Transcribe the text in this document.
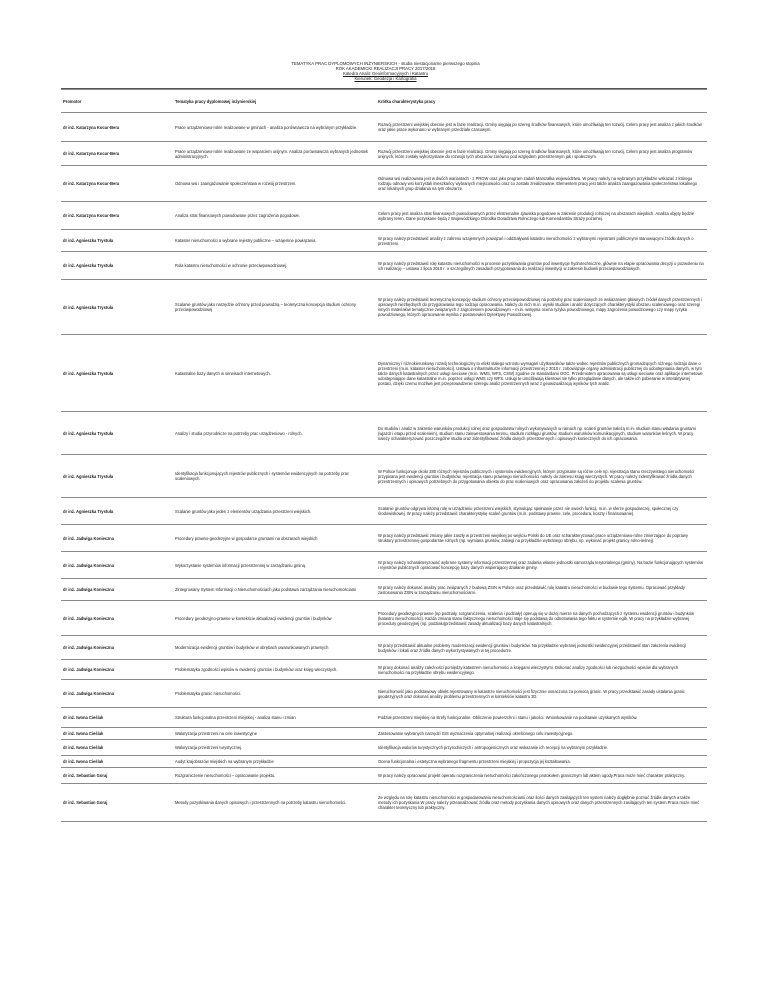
TEMATYKA PRAC DYPLOMOWYCH INŻYNIERSKICH - studia niestacjonarne pierwszego stopnia
ROK AKADEMICKI REALIZACJI PRACY 2017/2018
Katedra Analiz Geoinformacyjnych i Katastru
Kierunek: Geodezja i Kartografia
Promotor	Tematyka pracy dyplomowej inżynierskiej	Krótka charakterystyka pracy
dr inż. Katarzyna Kocur-Bera	Prace urządzeniowo-rolne realizowane w gminach - analiza porównawcza na wybranym przykładzie.	Rozwój przestrzeni wiejskiej obecnie jest w fazie realizacji. Gminy sięgają po szereg środków finansowych, które umożliwiają ten rozwój. Celem pracy jest analiza z jakich środków oraz jakie prace wykonano w wybranym przedziale czasowym.
dr inż. Katarzyna Kocur-Bera	Prace urządzeniowo-rolne realizowane ze wsparciem unijnym. Analiza porównawcza wybranych jednostek administracyjnych.	Rozwój przestrzeni wiejskiej obecnie jest w fazie realizacji. Gminy sięgają po szereg środków finansowych, które umożliwiają ten rozwój. Celem pracy jest analiza programów unijnych, które zostały wykorzystane do rozwoju tych obszarów zarówno pod względem przestrzennym jak i społecznym.
dr inż. Katarzyna Kocur-Bera	Odnowa wsi i zaangażowanie społeczeństwa w rozwój przestrzeni.	Odnowa wsi realizowana jest w dwóch wariantach - z PROW oraz jako program zadań Marszałka województwa. W pracy należy na wybranym przykładzie wskazać z którego rodzaju odnowy wsi korzystali mieszkańcy wybranych miejscowości oraz co zostało zrealizowane. Elementem pracy jest także analiza zaangażowania społeczeństwa lokalnego oraz lokalnych grup działania na tym obszarze.
dr inż. Katarzyna Kocur-Bera	Analiza strat finansowych powodowane przez zagrożenia pogodowe.	Celem pracy jest analiza strat finansowych powodowanych przez ekstremalne zjawiska pogodowe w zakresie produkcji rolniczej na obszarach wiejskich. Analiza objęty będzie wybrany teren. Dane pozyskane będą z Wojewódzkiego Ośrodka Doradztwa Rolniczego lub Komendantów Straży pożarnej.
dr inż. Agnieszka Trystuła	Kataster nieruchomości a wybrane rejestry publiczne – wzajemne powiązania.	W pracy należy przedstawić analizy z zakresu wzajemnych powiązań i oddziaływań katastru nieruchomości z wybranymi rejestrami publicznymi stanowiącymi źródło danych o przestrzeni.
dr inż. Agnieszka Trystuła	Rola katastru nieruchomości w ochronie przeciwpowodziowej.	W pracy należy przedstawić rolę katastru nieruchomości w procesie pozyskiwania gruntów pod inwestycje hydrotechniczne, głównie na etapie opracowania decyzji o pozwoleniu na ich realizację – ustawa z lipca 2010 r. o szczególnych zasadach przygotowania do realizacji inwestycji w zakresie budowli przeciwpowodziowych.
dr inż. Agnieszka Trystuła	Scalanie gruntów jako narzędzie ochrony przed powodzią – teoretyczna koncepcja studium ochrony przeciwpowodziowej	W pracy należy przedstawić teoretyczną koncepcję studium ochrony przeciwpowodziowej na potrzeby prac scaleniowych ze wskazaniem głównych źródeł danych przestrzennych i opisowych niezbędnych do przygotowania tego rodzaju opracowania. Należy do nich m.in. wyniki studiów i analiz dotyczących charakterystyki obszaru scaleniowego oraz szeregi innych materiałów tematycznie związanych z zagrożeniem powodziowym – m.in. wstępna ocena ryzyka powodziowego, mapy zagrożenia powodziowego czy mapy ryzyka powodziowego, których opracowanie wynika z postanowień Dyrektywy Powodziowej.
dr inż. Agnieszka Trystuła	Katastralne bazy danych w serwisach internetowych.	Dynamiczny i różnokierunkowy rozwój technologiczny to efekt stałego wzrostu wymagań użytkowników także wobec rejestrów publicznych gromadzących różnego rodzaju dane o przestrzeni (m.in. kataster nieruchomości). Ustawa o infrastrukturze informacji przestrzennej z 2010 r. zobowiązuje organy administracji publicznej do udostępniania danych, w tym także danych katastralnych przez usługi sieciowe (m.in. WMS, WFS, CSW) zgodnie ze standardami OGC. Przedmiotem opracowania są usługi sieciowe oraz aplikacje internetowe udostępniające dane katastralne m.in. poprzez usługi WMS czy WFS. Usługi te umożliwiają klientowi nie tylko przeglądanie danych, ale także ich pobieranie w interaktywnej postaci, dzięki czemu możliwe jest przeprowadzenie szeregu analiz przestrzennych wraz z geowizualizacją wyników tych analiz.
dr inż. Agnieszka Trystuła	Analizy i studia przyrodnicze na potrzeby prac urządzeniowo - rolnych.	Do studiów i analiz w zakresie warunków produkcji rolnej oraz gospodarstw rolnych wykonywanych w ramach np. scaleń gruntów należą m.in. studium stanu władania gruntami (wjazdr i etapu przed scaleniem), studium stanu zainwestowania terenu, studium rozkłągu gruntów, studium warunków komunikacyjnych, studium warunków leśnych. W pracy należy scharakteryzować poszczególne studia oraz zidentyfikować źródła danych przestrzennych i opisowych koniecznych do ich opracowania.
dr inż. Agnieszka Trystuła	Identyfikacja funkcjonujących rejestrów publicznych i systemów ewidencyjnych na potrzeby prac scaleniowych.	W Polsce funkcjonuje około 280 różnych rejestrów publicznych i systemów ewidencyjnych, którym przypisane są różne cele np. rejestracja stanu rzeczywistego nieruchomości przypisana jest ewidencji gruntów i budynków, rejestracja stanu prawnego nieruchomości należy do zakresu ksiąg wieczystych. W pracy należy zidentyfikować źródła danych przestrzennych i opisowych potrzebnych do przygotowania obiektu do prac scaleniowych oraz opracowania założeń do projektu scalenia gruntów.
dr inż. Agnieszka Trystuła	Scalanie gruntów jako jeden z elementów urządzania przestrzeni wiejskich.	Scalanie gruntów odgrywa istotną rolę w urządzaniu przestrzeni wiejskich, stymulując spełnianie przez nie swoich funkcji, m.in. w sferze gospodarczej, społecznej czy środowiskowej. W pracy należy przedstawić charakterystykę scaleń gruntów (m.in. podstawy prawne, cele, procedura, koszty i finansowanie).
dr inż. Jadwiga Konieczna	Procedury prawno-geodezyjne w gospodarce gruntami na obszarach wiejskich	W pracy należy przedstawić zmiany jakie zaszły w przestrzeni wiejskiej po wejściu Polski do UE oraz scharakteryzować prace urządzeniowo-rolne zmierzające do poprawy struktury przestrzennej gospodarstw rolnych (np. wymiana gruntów, zabiegi na przykładzie wybranego obrębu, np. wykonać projekt granicy rolno-leśnej).
dr inż. Jadwiga Konieczna	Wykorzystanie systemów informacji przestrzennej w zarządzaniu gminą.	W pracy należy scharakteryzować wybrane systemy informacji przestrzennej oraz zadania własne jednostki samorządu terytorialnego (gminy). Na bazie funkcjonujących systemów i rejestrów publicznych opracować koncepcję bazy danych wspierającej działanie gminy.
dr inż. Jadwiga Konieczna	Zintegrowany System Informacji o Nieruchomościach jako podstawa zarządzania nieruchomościami	W pracy należy dokonać analizy prac związanych z budową ZSIN w Polsce oraz przedstawić rolę katastru nieruchomości w budowie tego systemu. Opracować przykłady zastosowania ZSIN w zarządzaniu nieruchomościami.
dr inż. Jadwiga Konieczna	Procedury geodezyjno-prawne w kontekście aktualizacji ewidencji gruntów i budynków	Procedury geodezyjno-prawne (np podziały, rozgraniczenia, scalenia i podziały) operują się w dużej mierze na danych pochodzących z systemu ewidencji gruntów i budynków (katastru nieruchomości). Każda zmiana stanu faktycznego nieruchomości staje się podstawą do odnotowania tego faktu w systemie egib. W pracy na przykładzie wybranej procedury geodezyjnej (np. podziału)przedstawić zasady aktualizacji bazy danych katastralnych.
dr inż. Jadwiga Konieczna	Modernizacja ewidencji gruntów i budynków w obrębach uwarunkowanych prawnych	W pracy przedstawić aktualne problemy modernizacji ewidencji gruntów i budynków. Na przykładzie wybranej jednostki ewidencyjnej przedstawić stan założenia ewidencji budynków i lokali oraz źródła danych wykorzystywanych w tej procedurze.
dr inż. Jadwiga Konieczna	Problematyka zgodności wpisów w ewidencji gruntów i budynków oraz księg wieczystych.	W pracy dokonać analizy zależności pomiędzy katastrem nieruchomości a księgami wieczystymi. Dokonać analizy zgodności lub niezgodności wpisów dla wybranych nieruchomości na przykładzie obrębu ewidencyjnego.
dr inż. Jadwiga Konieczna	Problematyka granic nieruchomości.	Nieruchomość jako podstawowy obiekt rejestrowany w katastrze nieruchomości jest fizycznie osnaczona za pomocą granic. W pracy przedstawić zasady ustalania granic geodezyjnych oraz dokonać analizy problemu przestrzennych w kontekście katastru 3D.
dr inż. Iwona Cieślak	Struktura funkcjonalna przestrzeni miejskiej - analiza stanu i zmian	Podział przestrzeni miejskiej na strefy funkcjonalne. Obliczenie powierzchni i stanu i jakości. Wnioskowanie na podstawie uzyskanych wyników.
dr inż. Iwona Cieślak	Waloryzacja przestrzeni na cele inwestycyjne	Zastosowanie wybranych narzędzi GIS wyznaczenia optymalnej realizacji określonego celu inwestycyjnego.
dr inż. Iwona Cieślak	Waloryzacja przestrzeni turystycznej.	Identyfikacja walorów turystycznych przyrodniczych i antropogenicznych oraz wskazanie ich recepcji na wybranym przykładzie.
dr inż. Iwona Cieślak	Audyt krajobrazów miejskich na wybranym przykładzie	Ocena funkcjonalna i estetyczna wybranego fragmentu przestrzeni miejskiej i propozycja jej kształtowania.
dr inż. Sebastian Goraj	Rozgraniczenie nieruchomości – opracowanie projektu.	W pracy należy opracować projekt operatu rozgraniczenia nieruchomości zakończonego protokołem granicznym lub aktem ugody.Praca może mieć charakter praktyczny.
dr inż. Sebastian Goraj	Metody pozyskiwania danych opisowych i przestrzennych na potrzeby katastru nieruchomości.	Ze względu na rolę katastru nieruchomości w gospodarowaniu nieruchomościami oraz ilości danych zasilających ten system należy dogłębnie poznać źródła danych a także metody ich pozyskania.W pracy należy przeanalizować źródła oraz metody pozyskania danych opisowych oraz danych przestrzennych zasilających ten system.Praca może mieć charakter teoretyczny lub praktyczny.
